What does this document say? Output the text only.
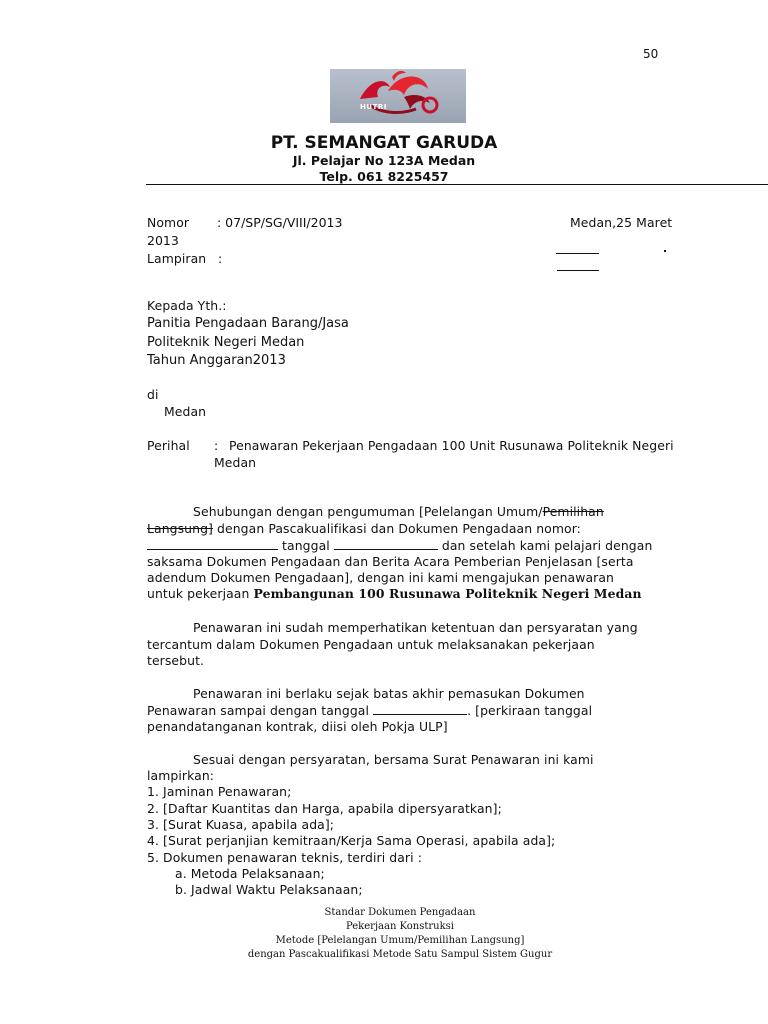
50
HUTRI
PT. SEMANGAT GARUDA
Jl. Pelajar No 123A Medan
Telp. 061 8225457
Nomor : 07/SP/SG/VIII/2013	Medan,25 Maret
2013
Lampiran :
Kepada Yth.:
Panitia Pengadaan Barang/Jasa
Politeknik Negeri Medan
Tahun Anggaran2013
di
Medan
Perihal : Penawaran Pekerjaan Pengadaan 100 Unit Rusunawa Politeknik Negeri
Medan
Sehubungan dengan pengumuman [Pelelangan Umum/Pemilihan
Langsung] dengan Pascakualifikasi dan Dokumen Pengadaan nomor:
tanggal	dan setelah kami pelajari dengan
saksama Dokumen Pengadaan dan Berita Acara Pemberian Penjelasan [serta
adendum Dokumen Pengadaan], dengan ini kami mengajukan penawaran
untuk pekerjaan Pembangunan 100 Rusunawa Politeknik Negeri Medan
Penawaran ini sudah memperhatikan ketentuan dan persyaratan yang
tercantum dalam Dokumen Pengadaan untuk melaksanakan pekerjaan
tersebut.
Penawaran ini berlaku sejak batas akhir pemasukan Dokumen
Penawaran sampai dengan tanggal	. [perkiraan tanggal
penandatanganan kontrak, diisi oleh Pokja ULP]
Sesuai dengan persyaratan, bersama Surat Penawaran ini kami
lampirkan:
1. Jaminan Penawaran;
2. [Daftar Kuantitas dan Harga, apabila dipersyaratkan];
3. [Surat Kuasa, apabila ada];
4. [Surat perjanjian kemitraan/Kerja Sama Operasi, apabila ada];
5. Dokumen penawaran teknis, terdiri dari :
a. Metoda Pelaksanaan;
b. Jadwal Waktu Pelaksanaan;
Standar Dokumen Pengadaan
Pekerjaan Konstruksi
Metode [Pelelangan Umum/Pemilihan Langsung]
dengan Pascakualifikasi Metode Satu Sampul Sistem Gugur
